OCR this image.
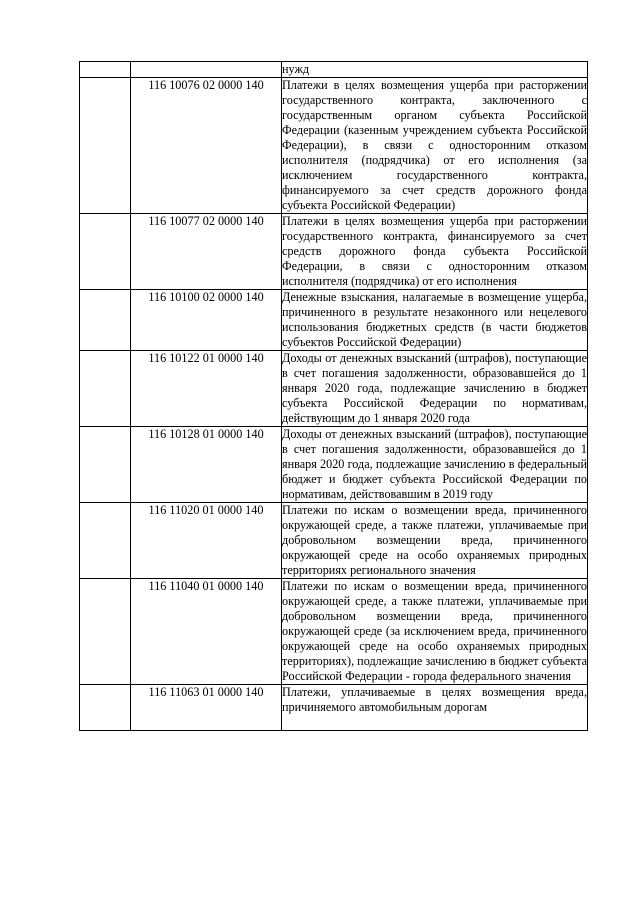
		нужд
	116 10076 02 0000 140	Платежи в целях возмещения ущерба при расторжении государственного контракта, заключенного с государственным органом субъекта Российской Федерации (казенным учреждением субъекта Российской Федерации), в связи с односторонним отказом исполнителя (подрядчика) от его исполнения (за исключением государственного контракта, финансируемого за счет средств дорожного фонда субъекта Российской Федерации)
	116 10077 02 0000 140	Платежи в целях возмещения ущерба при расторжении государственного контракта, финансируемого за счет средств дорожного фонда субъекта Российской Федерации, в связи с односторонним отказом исполнителя (подрядчика) от его исполнения
	116 10100 02 0000 140	Денежные взыскания, налагаемые в возмещение ущерба, причиненного в результате незаконного или нецелевого использования бюджетных средств (в части бюджетов субъектов Российской Федерации)
	116 10122 01 0000 140	Доходы от денежных взысканий (штрафов), поступающие в счет погашения задолженности, образовавшейся до 1 января 2020 года, подлежащие зачислению в бюджет субъекта Российской Федерации по нормативам, действующим до 1 января 2020 года
	116 10128 01 0000 140	Доходы от денежных взысканий (штрафов), поступающие в счет погашения задолженности, образовавшейся до 1 января 2020 года, подлежащие зачислению в федеральный бюджет и бюджет субъекта Российской Федерации по нормативам, действовавшим в 2019 году
	116 11020 01 0000 140	Платежи по искам о возмещении вреда, причиненного окружающей среде, а также платежи, уплачиваемые при добровольном возмещении вреда, причиненного окружающей среде на особо охраняемых природных территориях регионального значения
	116 11040 01 0000 140	Платежи по искам о возмещении вреда, причиненного окружающей среде, а также платежи, уплачиваемые при добровольном возмещении вреда, причиненного окружающей среде (за исключением вреда, причиненного окружающей среде на особо охраняемых природных территориях), подлежащие зачислению в бюджет субъекта Российской Федерации - города федерального значения
	116 11063 01 0000 140	Платежи, уплачиваемые в целях возмещения вреда, причиняемого автомобильным дорогам
